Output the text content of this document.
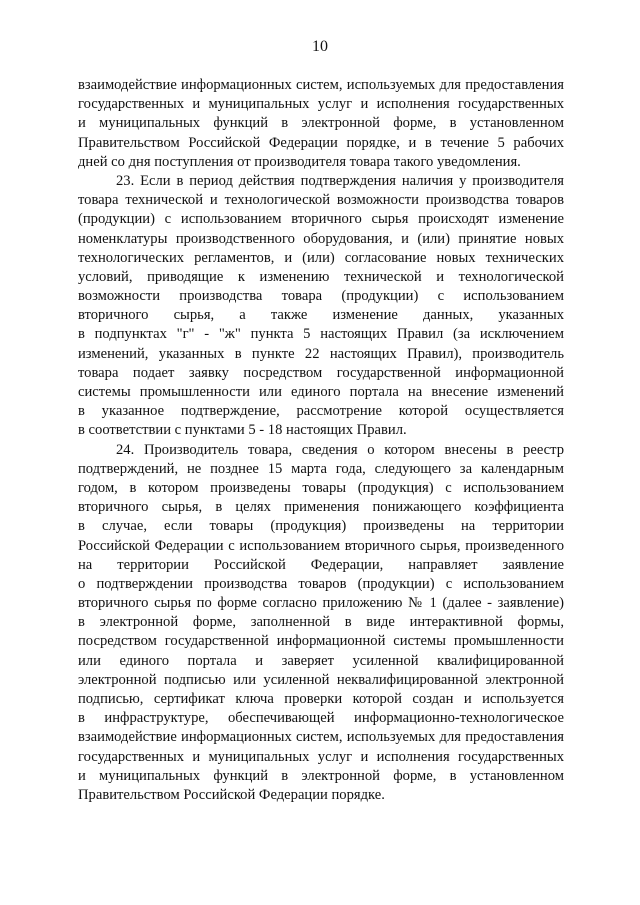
10
взаимодействие информационных систем, используемых для предоставления
государственных и муниципальных услуг и исполнения государственных
и муниципальных функций в электронной форме, в установленном
Правительством Российской Федерации порядке, и в течение 5 рабочих
дней со дня поступления от производителя товара такого уведомления.
23. Если в период действия подтверждения наличия у производителя
товара технической и технологической возможности производства товаров
(продукции) с использованием вторичного сырья происходят изменение
номенклатуры производственного оборудования, и (или) принятие новых
технологических регламентов, и (или) согласование новых технических
условий, приводящие к изменению технической и технологической
возможности производства товара (продукции) с использованием
вторичного сырья, а также изменение данных, указанных
в подпунктах "г" - "ж" пункта 5 настоящих Правил (за исключением
изменений, указанных в пункте 22 настоящих Правил), производитель
товара подает заявку посредством государственной информационной
системы промышленности или единого портала на внесение изменений
в указанное подтверждение, рассмотрение которой осуществляется
в соответствии с пунктами 5 - 18 настоящих Правил.
24. Производитель товара, сведения о котором внесены в реестр
подтверждений, не позднее 15 марта года, следующего за календарным
годом, в котором произведены товары (продукция) с использованием
вторичного сырья, в целях применения понижающего коэффициента
в случае, если товары (продукция) произведены на территории
Российской Федерации с использованием вторичного сырья, произведенного
на территории Российской Федерации, направляет заявление
о подтверждении производства товаров (продукции) с использованием
вторичного сырья по форме согласно приложению № 1 (далее - заявление)
в электронной форме, заполненной в виде интерактивной формы,
посредством государственной информационной системы промышленности
или единого портала и заверяет усиленной квалифицированной
электронной подписью или усиленной неквалифицированной электронной
подписью, сертификат ключа проверки которой создан и используется
в инфраструктуре, обеспечивающей информационно-технологическое
взаимодействие информационных систем, используемых для предоставления
государственных и муниципальных услуг и исполнения государственных
и муниципальных функций в электронной форме, в установленном
Правительством Российской Федерации порядке.
